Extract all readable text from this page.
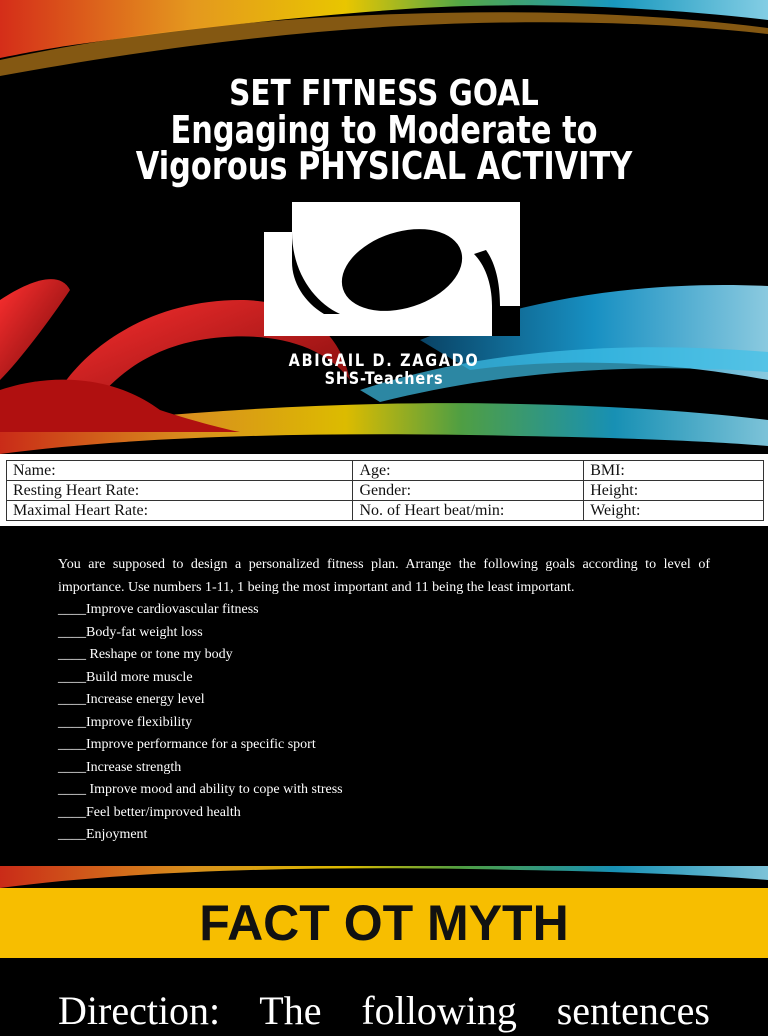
SET FITNESS GOAL
Engaging to Moderate to
Vigorous PHYSICAL ACTIVITY
ABIGAIL D. ZAGADO
SHS-Teachers
Name:	Age:	BMI:
Resting Heart Rate:	Gender:	Height:
Maximal Heart Rate:	No. of Heart beat/min:	Weight:
You are supposed to design a personalized fitness plan. Arrange the following goals according to level of importance. Use numbers 1-11, 1 being the most important and 11 being the least important.
____Improve cardiovascular fitness
____Body-fat weight loss
____ Reshape or tone my body
____Build more muscle
____Increase energy level
____Improve flexibility
____Improve performance for a specific sport
____Increase strength
____ Improve mood and ability to cope with stress
____Feel better/improved health
____Enjoyment
FACT OT MYTH
Direction: The following sentences
